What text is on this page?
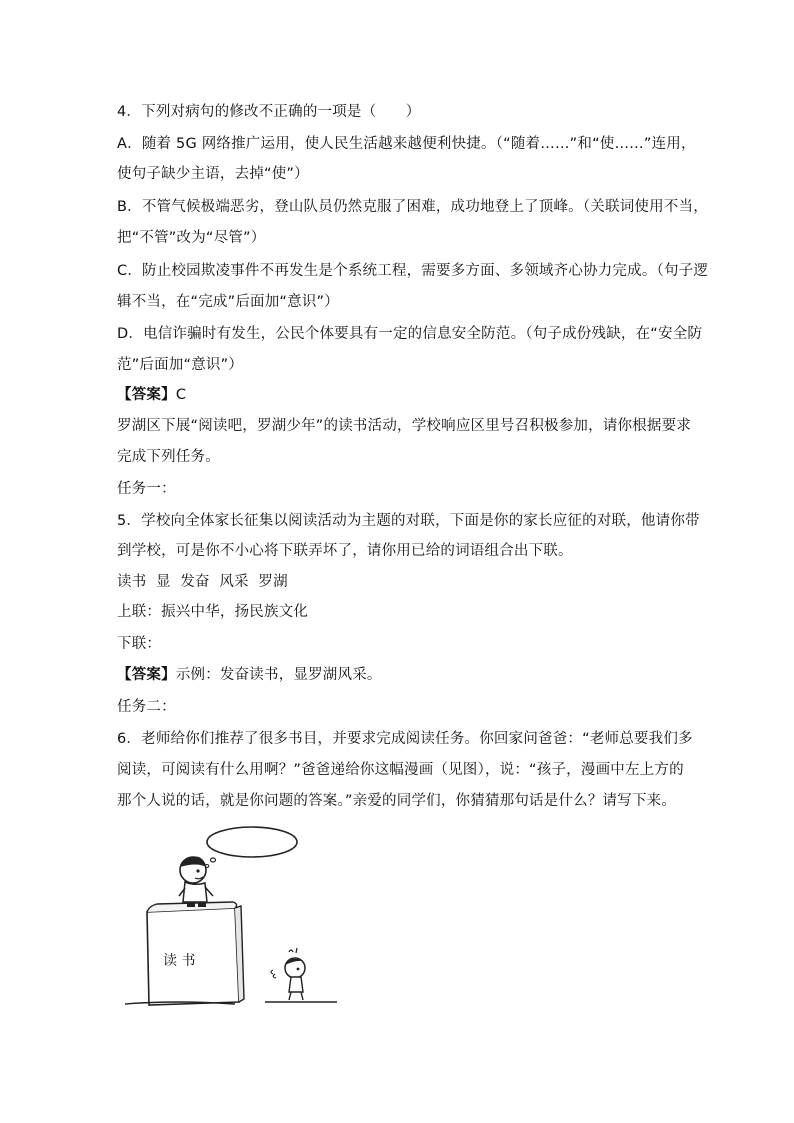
4．下列对病句的修改不正确的一项是（　　）
A．随着 5G 网络推广运用，使人民生活越来越便利快捷。（“随着……”和“使……”连用，
使句子缺少主语，去掉“使”）
B．不管气候极端恶劣，登山队员仍然克服了困难，成功地登上了顶峰。（关联词使用不当，
把“不管”改为“尽管”）
C．防止校园欺凌事件不再发生是个系统工程，需要多方面、多领域齐心协力完成。（句子逻
辑不当，在“完成”后面加“意识”）
D．电信诈骗时有发生，公民个体要具有一定的信息安全防范。（句子成份残缺，在“安全防
范”后面加“意识”）
【答案】C
罗湖区下展“阅读吧，罗湖少年”的读书活动，学校响应区里号召积极参加，请你根据要求
完成下列任务。
任务一：
5．学校向全体家长征集以阅读活动为主题的对联，下面是你的家长应征的对联，他请你带
到学校，可是你不小心将下联弄坏了，请你用已给的词语组合出下联。
读书  显  发奋  风采  罗湖
上联：振兴中华，扬民族文化
下联：
【答案】示例：发奋读书，显罗湖风采。
任务二：
6．老师给你们推荐了很多书目，并要求完成阅读任务。你回家问爸爸：“老师总要我们多
阅读，可阅读有什么用啊？”爸爸递给你这幅漫画（见图），说：“孩子，漫画中左上方的
那个人说的话，就是你问题的答案。”亲爱的同学们，你猜猜那句话是什么？请写下来。
读 书
